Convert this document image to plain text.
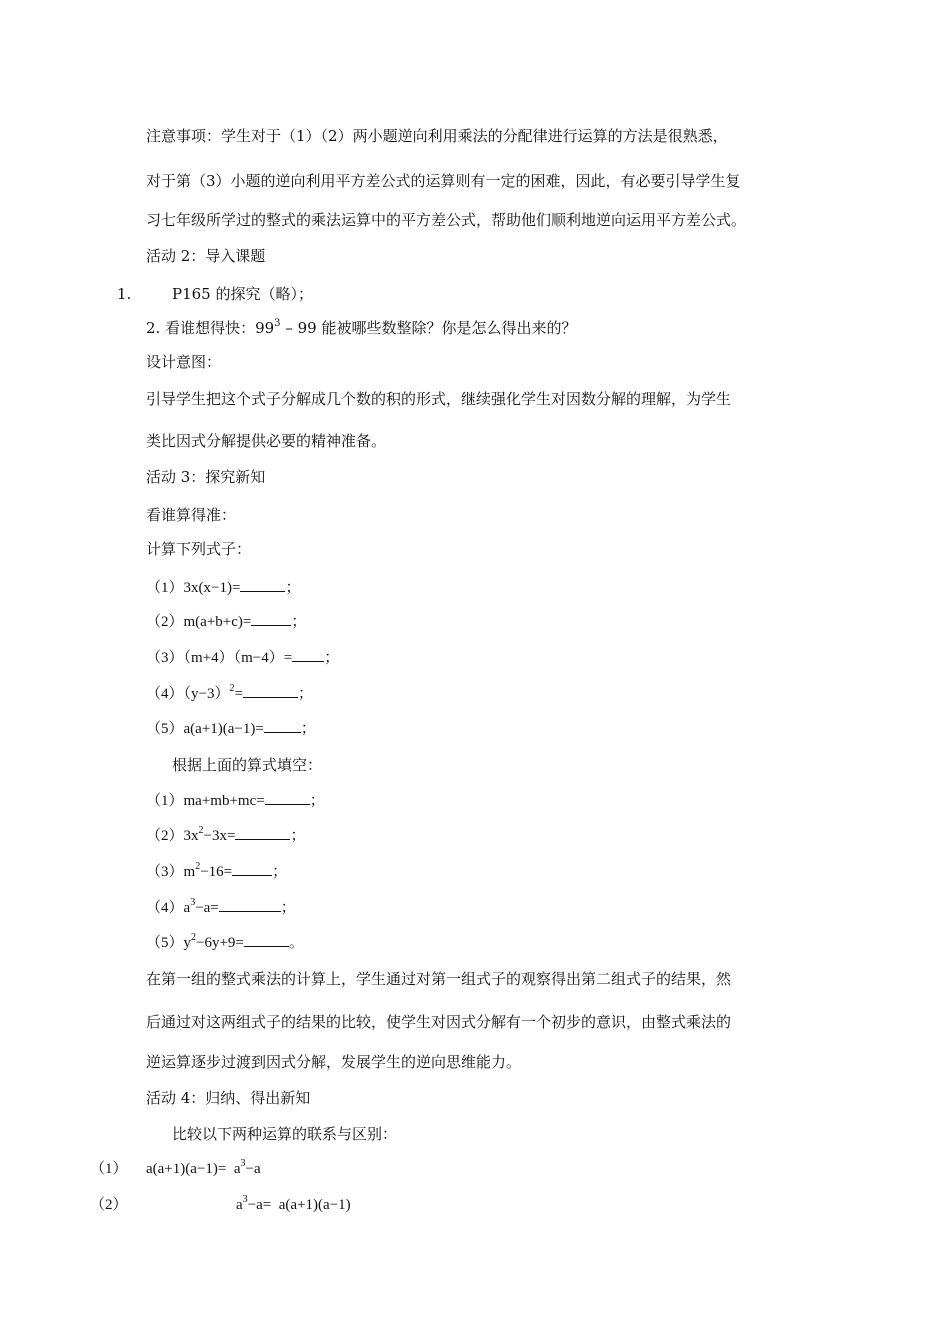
注意事项：学生对于（1）（2）两小题逆向利用乘法的分配律进行运算的方法是很熟悉，
对于第（3）小题的逆向利用平方差公式的运算则有一定的困难，因此，有必要引导学生复
习七年级所学过的整式的乘法运算中的平方差公式，帮助他们顺利地逆向运用平方差公式。
活动 2：导入课题
1.	P165 的探究（略）；
2. 看谁想得快：$99^3 - 99$ 能被哪些数整除？你是怎么得出来的？
设计意图：
引导学生把这个式子分解成几个数的积的形式，继续强化学生对因数分解的理解，为学生
类比因式分解提供必要的精神准备。
活动 3：探究新知
看谁算得准：
计算下列式子：
（1）3x(x−1)=	；
（2）m(a+b+c)=	；
（3）（m+4）（m−4）= ；
$(4)(y-3)^2=$	；
（5）a(a+1)(a−1)= ；
根据上面的算式填空：
（1）ma+mb+mc=	；
$(2)3x^2-3x=$	；
$(3)m^2-16=$	；
$(4)a^3-a=$	；
$(5)y^2-6y+9=$	。
在第一组的整式乘法的计算上，学生通过对第一组式子的观察得出第二组式子的结果，然
后通过对这两组式子的结果的比较，使学生对因式分解有一个初步的意识，由整式乘法的
逆运算逐步过渡到因式分解，发展学生的逆向思维能力。
活动 4：归纳、得出新知
比较以下两种运算的联系与区别：
（1） $a(a+1)(a-1)= a^3-a$
（2）	$a^3-a= a(a+1)(a-1)$
